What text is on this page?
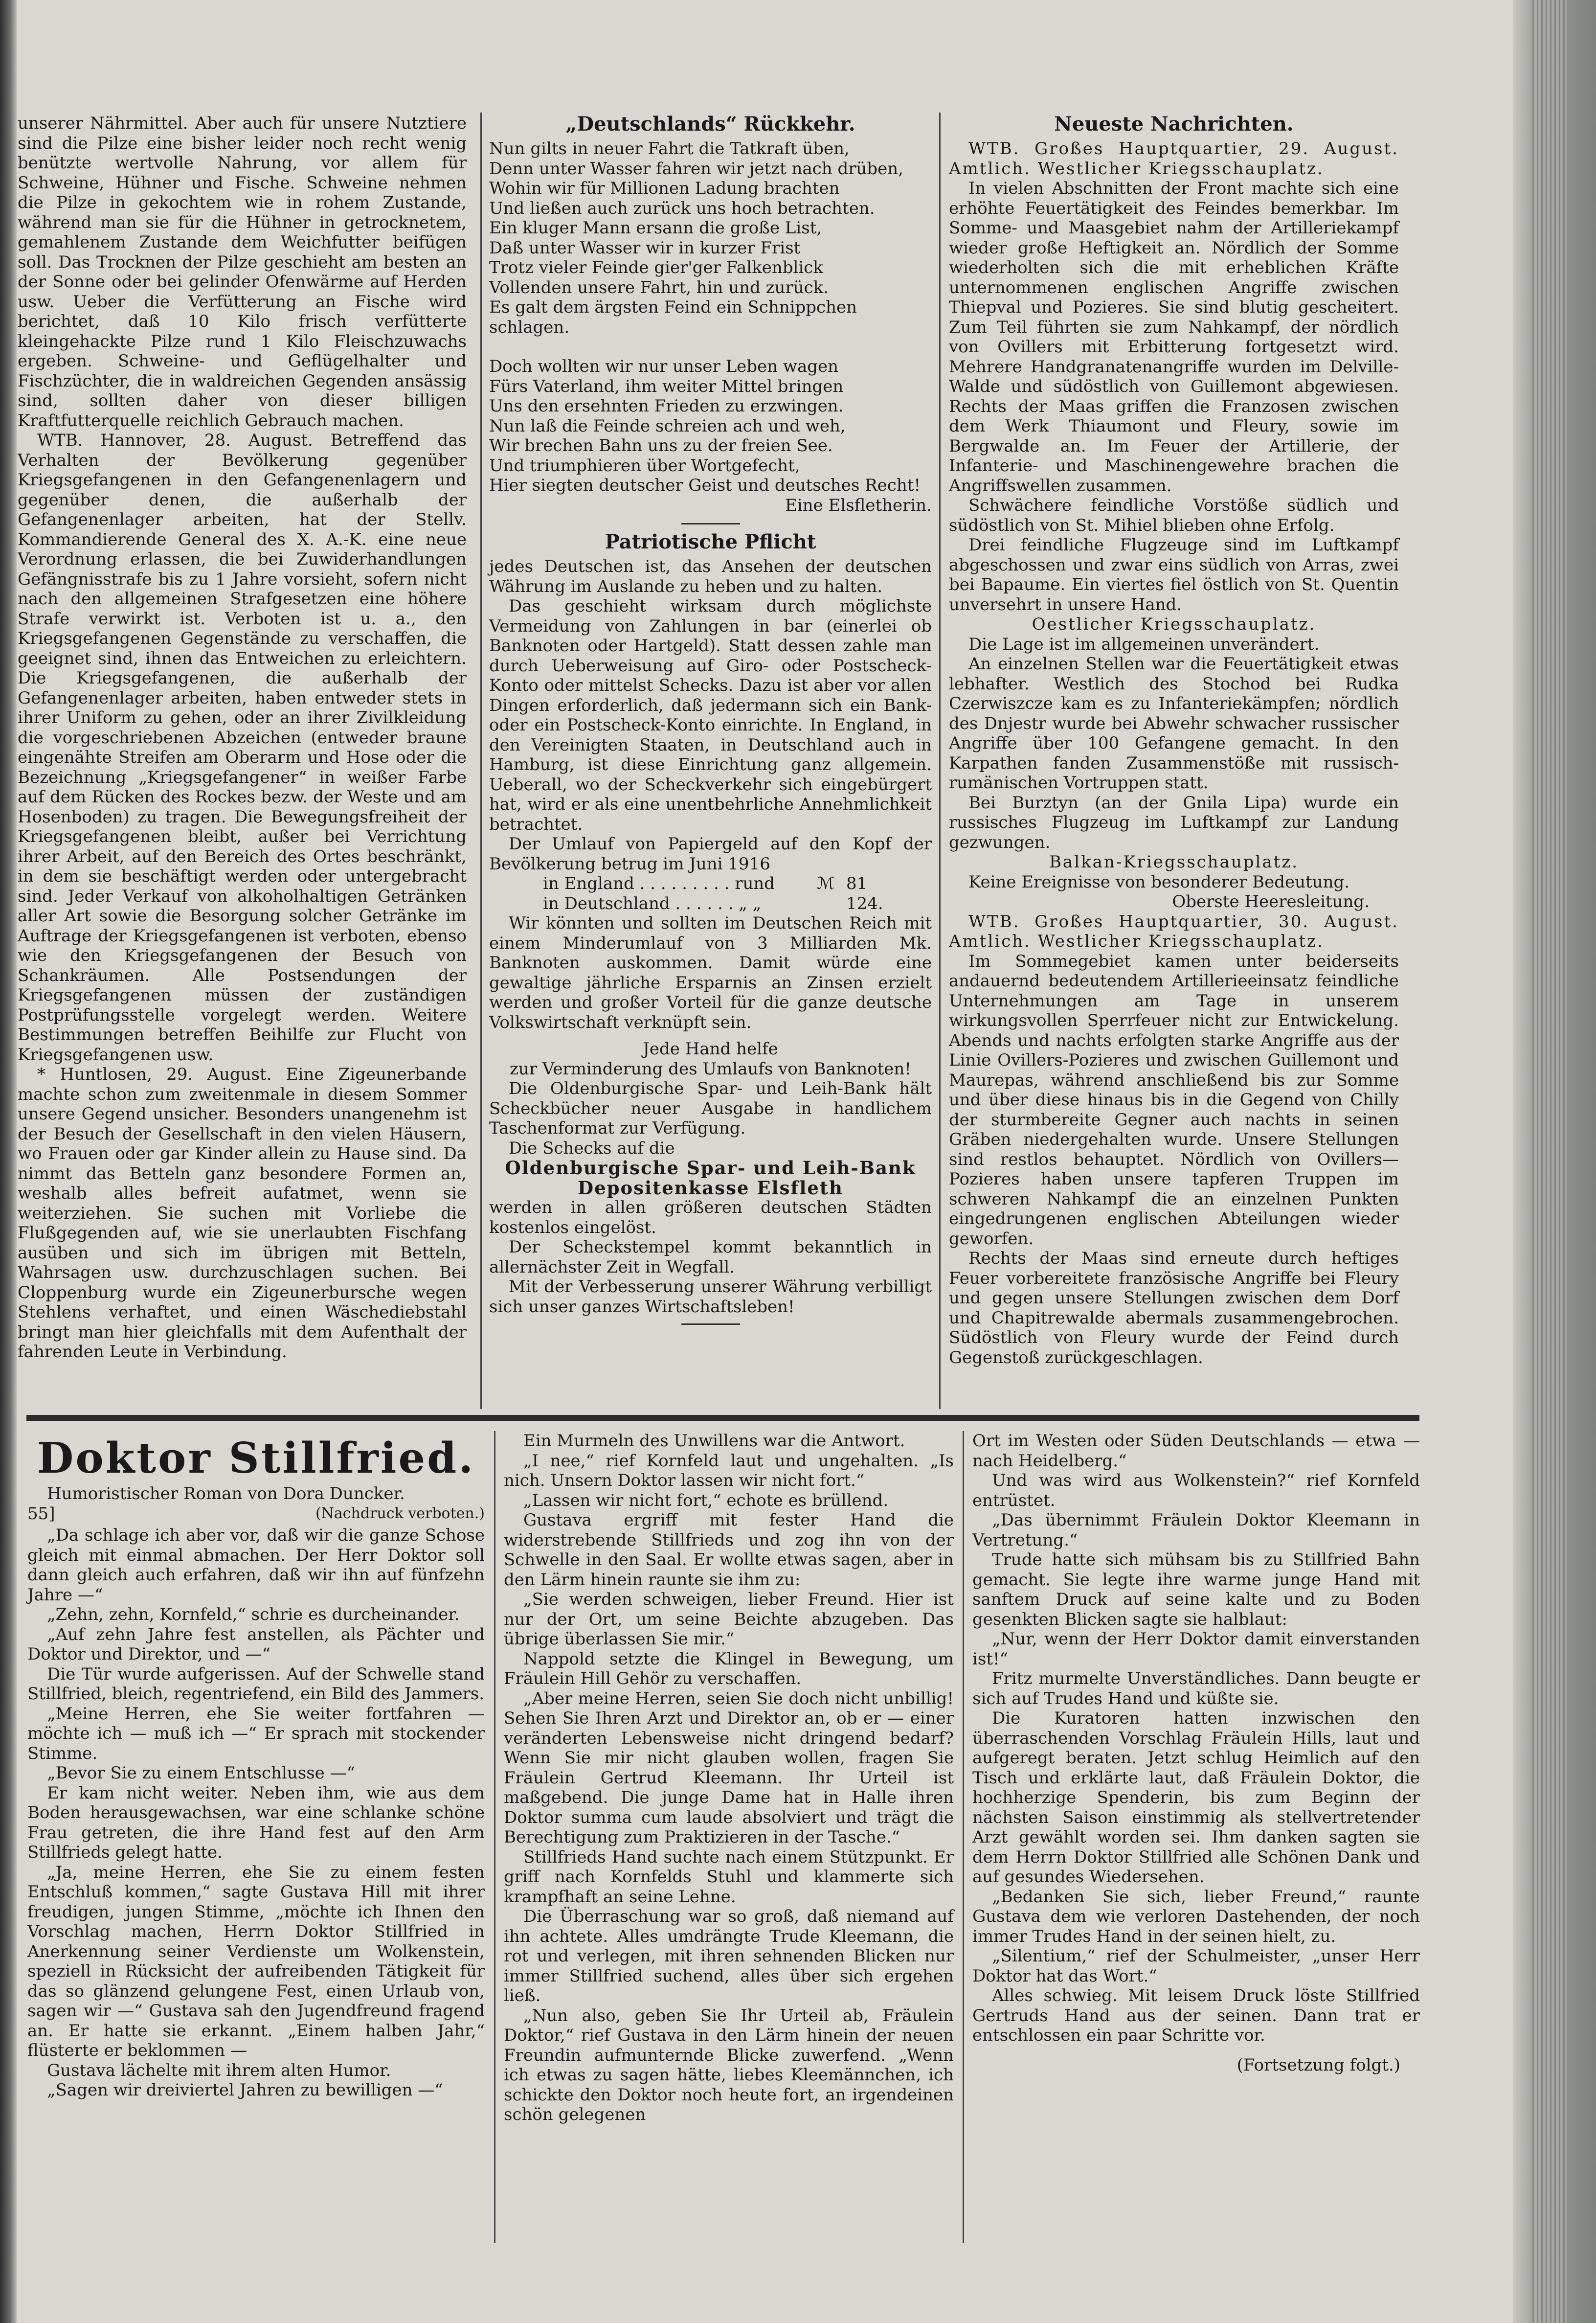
unserer Nährmittel. Aber auch für unsere Nutztiere sind die Pilze eine bisher leider noch recht wenig benützte wertvolle Nahrung, vor allem für Schweine, Hühner und Fische. Schweine nehmen die Pilze in gekochtem wie in rohem Zustande, während man sie für die Hühner in getrocknetem, gemahlenem Zustande dem Weichfutter beifügen soll. Das Trocknen der Pilze geschieht am besten an der Sonne oder bei gelinder Ofenwärme auf Herden usw. Ueber die Verfütterung an Fische wird berichtet, daß 10 Kilo frisch verfütterte kleingehackte Pilze rund 1 Kilo Fleischzuwachs ergeben. Schweine- und Geflügelhalter und Fischzüchter, die in waldreichen Gegenden ansässig sind, sollten daher von dieser billigen Kraftfutterquelle reichlich Gebrauch machen.

WTB. Hannover, 28. August. Betreffend das Verhalten der Bevölkerung gegenüber Kriegsgefangenen in den Gefangenenlagern und gegenüber denen, die außerhalb der Gefangenenlager arbeiten, hat der Stellv. Kommandierende General des X. A.-K. eine neue Verordnung erlassen, die bei Zuwiderhandlungen Gefängnisstrafe bis zu 1 Jahre vorsieht, sofern nicht nach den allgemeinen Strafgesetzen eine höhere Strafe verwirkt ist. Verboten ist u. a., den Kriegsgefangenen Gegenstände zu verschaffen, die geeignet sind, ihnen das Entweichen zu erleichtern. Die Kriegsgefangenen, die außerhalb der Gefangenenlager arbeiten, haben entweder stets in ihrer Uniform zu gehen, oder an ihrer Zivilkleidung die vorgeschriebenen Abzeichen (entweder braune eingenähte Streifen am Oberarm und Hose oder die Bezeichnung „Kriegsgefangener“ in weißer Farbe auf dem Rücken des Rockes bezw. der Weste und am Hosenboden) zu tragen. Die Bewegungsfreiheit der Kriegsgefangenen bleibt, außer bei Verrichtung ihrer Arbeit, auf den Bereich des Ortes beschränkt, in dem sie beschäftigt werden oder untergebracht sind. Jeder Verkauf von alkoholhaltigen Getränken aller Art sowie die Besorgung solcher Getränke im Auftrage der Kriegsgefangenen ist verboten, ebenso wie den Kriegsgefangenen der Besuch von Schankräumen. Alle Postsendungen der Kriegsgefangenen müssen der zuständigen Postprüfungsstelle vorgelegt werden. Weitere Bestimmungen betreffen Beihilfe zur Flucht von Kriegsgefangenen usw.

* Huntlosen, 29. August. Eine Zigeunerbande machte schon zum zweitenmale in diesem Sommer unsere Gegend unsicher. Besonders unangenehm ist der Besuch der Gesellschaft in den vielen Häusern, wo Frauen oder gar Kinder allein zu Hause sind. Da nimmt das Betteln ganz besondere Formen an, weshalb alles befreit aufatmet, wenn sie weiterziehen. Sie suchen mit Vorliebe die Flußgegenden auf, wie sie unerlaubten Fischfang ausüben und sich im übrigen mit Betteln, Wahrsagen usw. durchzuschlagen suchen. Bei Cloppenburg wurde ein Zigeunerbursche wegen Stehlens verhaftet, und einen Wäschediebstahl bringt man hier gleichfalls mit dem Aufenthalt der fahrenden Leute in Verbindung.

„Deutschlands“ Rückkehr.

Nun gilts in neuer Fahrt die Tatkraft üben,

Denn unter Wasser fahren wir jetzt nach drüben,

Wohin wir für Millionen Ladung brachten

Und ließen auch zurück uns hoch betrachten.

Ein kluger Mann ersann die große List,

Daß unter Wasser wir in kurzer Frist

Trotz vieler Feinde gier'ger Falkenblick

Vollenden unsere Fahrt, hin und zurück.

Es galt dem ärgsten Feind ein Schnippchen

schlagen.

Doch wollten wir nur unser Leben wagen

Fürs Vaterland, ihm weiter Mittel bringen

Uns den ersehnten Frieden zu erzwingen.

Nun laß die Feinde schreien ach und weh,

Wir brechen Bahn uns zu der freien See.

Und triumphieren über Wortgefecht,

Hier siegten deutscher Geist und deutsches Recht!

Eine Elsfletherin.

Patriotische Pflicht

jedes Deutschen ist, das Ansehen der deutschen Währung im Auslande zu heben und zu halten.

Das geschieht wirksam durch möglichste Vermeidung von Zahlungen in bar (einerlei ob Banknoten oder Hartgeld). Statt dessen zahle man durch Ueberweisung auf Giro- oder Postscheck-Konto oder mittelst Schecks. Dazu ist aber vor allen Dingen erforderlich, daß jedermann sich ein Bank- oder ein Postscheck-Konto einrichte. In England, in den Vereinigten Staaten, in Deutschland auch in Hamburg, ist diese Einrichtung ganz allgemein. Ueberall, wo der Scheckverkehr sich eingebürgert hat, wird er als eine unentbehrliche Annehmlichkeit betrachtet.

Der Umlauf von Papiergeld auf den Kopf der Bevölkerung betrug im Juni 1916

in England . . . . . . . . . rund	ℳ 81
in Deutschland . . . . . . „ „	124.

Wir könnten und sollten im Deutschen Reich mit einem Minderumlauf von 3 Milliarden Mk. Banknoten auskommen. Damit würde eine gewaltige jährliche Ersparnis an Zinsen erzielt werden und großer Vorteil für die ganze deutsche Volkswirtschaft verknüpft sein.

Jede Hand helfe

zur Verminderung des Umlaufs von Banknoten!

Die Oldenburgische Spar- und Leih-Bank hält Scheckbücher neuer Ausgabe in handlichem Taschenformat zur Verfügung.

Die Schecks auf die

Oldenburgische Spar- und Leih-Bank

Depositenkasse Elsfleth

werden in allen größeren deutschen Städten kostenlos eingelöst.

Der Scheckstempel kommt bekanntlich in allernächster Zeit in Wegfall.

Mit der Verbesserung unserer Währung verbilligt sich unser ganzes Wirtschaftsleben!

Neueste Nachrichten.

WTB. Großes Hauptquartier, 29. August. Amtlich. Westlicher Kriegsschauplatz.

In vielen Abschnitten der Front machte sich eine erhöhte Feuertätigkeit des Feindes bemerkbar. Im Somme- und Maasgebiet nahm der Artilleriekampf wieder große Heftigkeit an. Nördlich der Somme wiederholten sich die mit erheblichen Kräfte unternommenen englischen Angriffe zwischen Thiepval und Pozieres. Sie sind blutig gescheitert. Zum Teil führten sie zum Nahkampf, der nördlich von Ovillers mit Erbitterung fortgesetzt wird. Mehrere Handgranatenangriffe wurden im Delville-Walde und südöstlich von Guillemont abgewiesen. Rechts der Maas griffen die Franzosen zwischen dem Werk Thiaumont und Fleury, sowie im Bergwalde an. Im Feuer der Artillerie, der Infanterie- und Maschinengewehre brachen die Angriffswellen zusammen.

Schwächere feindliche Vorstöße südlich und südöstlich von St. Mihiel blieben ohne Erfolg.

Drei feindliche Flugzeuge sind im Luftkampf abgeschossen und zwar eins südlich von Arras, zwei bei Bapaume. Ein viertes fiel östlich von St. Quentin unversehrt in unsere Hand.

Oestlicher Kriegsschauplatz.

Die Lage ist im allgemeinen unverändert.

An einzelnen Stellen war die Feuertätigkeit etwas lebhafter. Westlich des Stochod bei Rudka Czerwiszcze kam es zu Infanteriekämpfen; nördlich des Dnjestr wurde bei Abwehr schwacher russischer Angriffe über 100 Gefangene gemacht. In den Karpathen fanden Zusammenstöße mit russisch-rumänischen Vortruppen statt.

Bei Burztyn (an der Gnila Lipa) wurde ein russisches Flugzeug im Luftkampf zur Landung gezwungen.

Balkan-Kriegsschauplatz.

Keine Ereignisse von besonderer Bedeutung.

Oberste Heeresleitung.

WTB. Großes Hauptquartier, 30. August. Amtlich. Westlicher Kriegsschauplatz.

Im Sommegebiet kamen unter beiderseits andauernd bedeutendem Artillerieeinsatz feindliche Unternehmungen am Tage in unserem wirkungsvollen Sperrfeuer nicht zur Entwickelung. Abends und nachts erfolgten starke Angriffe aus der Linie Ovillers-Pozieres und zwischen Guillemont und Maurepas, während anschließend bis zur Somme und über diese hinaus bis in die Gegend von Chilly der sturmbereite Gegner auch nachts in seinen Gräben niedergehalten wurde. Unsere Stellungen sind restlos behauptet. Nördlich von Ovillers—Pozieres haben unsere tapferen Truppen im schweren Nahkampf die an einzelnen Punkten eingedrungenen englischen Abteilungen wieder geworfen.

Rechts der Maas sind erneute durch heftiges Feuer vorbereitete französische Angriffe bei Fleury und gegen unsere Stellungen zwischen dem Dorf und Chapitrewalde abermals zusammengebrochen. Südöstlich von Fleury wurde der Feind durch Gegenstoß zurückgeschlagen.

Doktor Stillfried.

Humoristischer Roman von Dora Duncker.

55]	(Nachdruck verboten.)

„Da schlage ich aber vor, daß wir die ganze Schose gleich mit einmal abmachen. Der Herr Doktor soll dann gleich auch erfahren, daß wir ihn auf fünfzehn Jahre —“

„Zehn, zehn, Kornfeld,“ schrie es durcheinander.

„Auf zehn Jahre fest anstellen, als Pächter und Doktor und Direktor, und —“

Die Tür wurde aufgerissen. Auf der Schwelle stand Stillfried, bleich, regentriefend, ein Bild des Jammers.

„Meine Herren, ehe Sie weiter fortfahren — möchte ich — muß ich —“ Er sprach mit stockender Stimme.

„Bevor Sie zu einem Entschlusse —“

Er kam nicht weiter. Neben ihm, wie aus dem Boden herausgewachsen, war eine schlanke schöne Frau getreten, die ihre Hand fest auf den Arm Stillfrieds gelegt hatte.

„Ja, meine Herren, ehe Sie zu einem festen Entschluß kommen,“ sagte Gustava Hill mit ihrer freudigen, jungen Stimme, „möchte ich Ihnen den Vorschlag machen, Herrn Doktor Stillfried in Anerkennung seiner Verdienste um Wolkenstein, speziell in Rücksicht der aufreibenden Tätigkeit für das so glänzend gelungene Fest, einen Urlaub von, sagen wir —“ Gustava sah den Jugendfreund fragend an. Er hatte sie erkannt. „Einem halben Jahr,“ flüsterte er beklommen —

Gustava lächelte mit ihrem alten Humor.

„Sagen wir dreiviertel Jahren zu bewilligen —“

Ein Murmeln des Unwillens war die Antwort.

„I nee,“ rief Kornfeld laut und ungehalten. „Is nich. Unsern Doktor lassen wir nicht fort.“

„Lassen wir nicht fort,“ echote es brüllend.

Gustava ergriff mit fester Hand die widerstrebende Stillfrieds und zog ihn von der Schwelle in den Saal. Er wollte etwas sagen, aber in den Lärm hinein raunte sie ihm zu:

„Sie werden schweigen, lieber Freund. Hier ist nur der Ort, um seine Beichte abzugeben. Das übrige überlassen Sie mir.“

Nappold setzte die Klingel in Bewegung, um Fräulein Hill Gehör zu verschaffen.

„Aber meine Herren, seien Sie doch nicht unbillig! Sehen Sie Ihren Arzt und Direktor an, ob er — einer veränderten Lebensweise nicht dringend bedarf? Wenn Sie mir nicht glauben wollen, fragen Sie Fräulein Gertrud Kleemann. Ihr Urteil ist maßgebend. Die junge Dame hat in Halle ihren Doktor summa cum laude absolviert und trägt die Berechtigung zum Praktizieren in der Tasche.“

Stillfrieds Hand suchte nach einem Stützpunkt. Er griff nach Kornfelds Stuhl und klammerte sich krampfhaft an seine Lehne.

Die Überraschung war so groß, daß niemand auf ihn achtete. Alles umdrängte Trude Kleemann, die rot und verlegen, mit ihren sehnenden Blicken nur immer Stillfried suchend, alles über sich ergehen ließ.

„Nun also, geben Sie Ihr Urteil ab, Fräulein Doktor,“ rief Gustava in den Lärm hinein der neuen Freundin aufmunternde Blicke zuwerfend. „Wenn ich etwas zu sagen hätte, liebes Kleemännchen, ich schickte den Doktor noch heute fort, an irgendeinen schön gelegenen

Ort im Westen oder Süden Deutschlands — etwa — nach Heidelberg.“

Und was wird aus Wolkenstein?“ rief Kornfeld entrüstet.

„Das übernimmt Fräulein Doktor Kleemann in Vertretung.“

Trude hatte sich mühsam bis zu Stillfried Bahn gemacht. Sie legte ihre warme junge Hand mit sanftem Druck auf seine kalte und zu Boden gesenkten Blicken sagte sie halblaut:

„Nur, wenn der Herr Doktor damit einverstanden ist!“

Fritz murmelte Unverständliches. Dann beugte er sich auf Trudes Hand und küßte sie.

Die Kuratoren hatten inzwischen den überraschenden Vorschlag Fräulein Hills, laut und aufgeregt beraten. Jetzt schlug Heimlich auf den Tisch und erklärte laut, daß Fräulein Doktor, die hochherzige Spenderin, bis zum Beginn der nächsten Saison einstimmig als stellvertretender Arzt gewählt worden sei. Ihm danken sagten sie dem Herrn Doktor Stillfried alle Schönen Dank und auf gesundes Wiedersehen.

„Bedanken Sie sich, lieber Freund,“ raunte Gustava dem wie verloren Dastehenden, der noch immer Trudes Hand in der seinen hielt, zu.

„Silentium,“ rief der Schulmeister, „unser Herr Doktor hat das Wort.“

Alles schwieg. Mit leisem Druck löste Stillfried Gertruds Hand aus der seinen. Dann trat er entschlossen ein paar Schritte vor.

(Fortsetzung folgt.)
